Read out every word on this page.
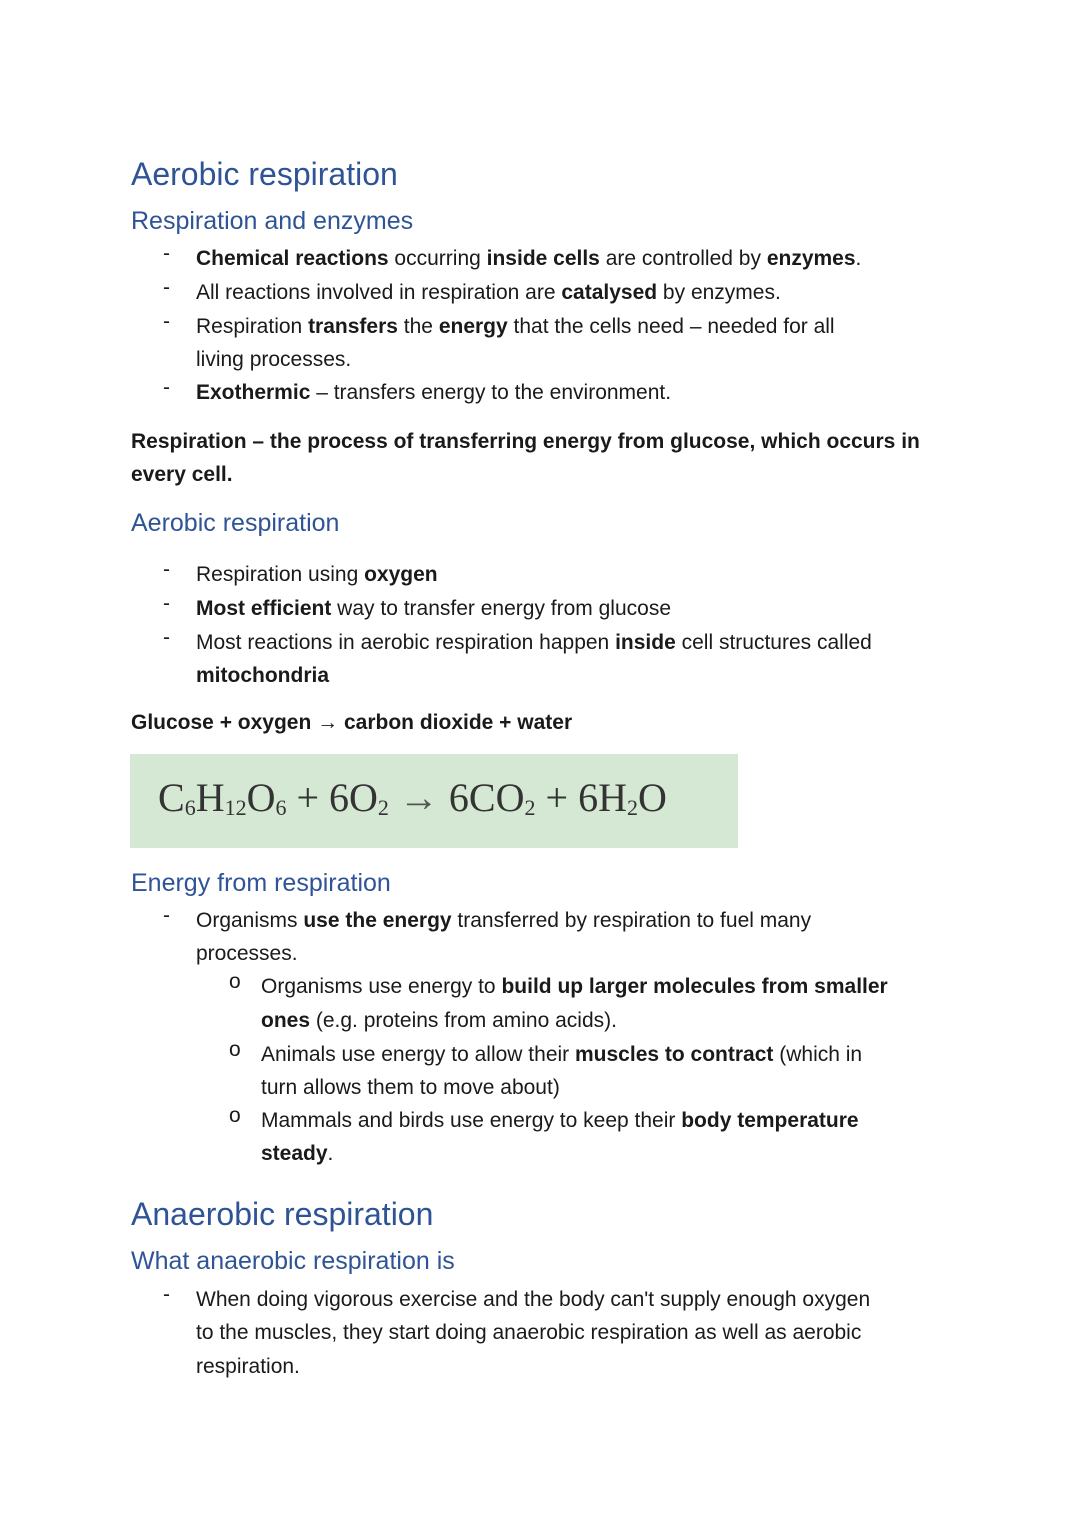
Aerobic respiration
Respiration and enzymes
- Chemical reactions occurring inside cells are controlled by enzymes.
- All reactions involved in respiration are catalysed by enzymes.
- Respiration transfers the energy that the cells need – needed for all
living processes.
- Exothermic – transfers energy to the environment.
Respiration – the process of transferring energy from glucose, which occurs in
every cell.
Aerobic respiration
- Respiration using oxygen
- Most efficient way to transfer energy from glucose
- Most reactions in aerobic respiration happen inside cell structures called
mitochondria
Glucose + oxygen → carbon dioxide + water
$C_6H_{12}O_6 + 6O_2 \to 6CO_2 + 6H_2O$
Energy from respiration
- Organisms use the energy transferred by respiration to fuel many
processes.
o Organisms use energy to build up larger molecules from smaller
ones (e.g. proteins from amino acids).
o Animals use energy to allow their muscles to contract (which in
turn allows them to move about)
o Mammals and birds use energy to keep their body temperature
steady.
Anaerobic respiration
What anaerobic respiration is
- When doing vigorous exercise and the body can't supply enough oxygen
to the muscles, they start doing anaerobic respiration as well as aerobic
respiration.
